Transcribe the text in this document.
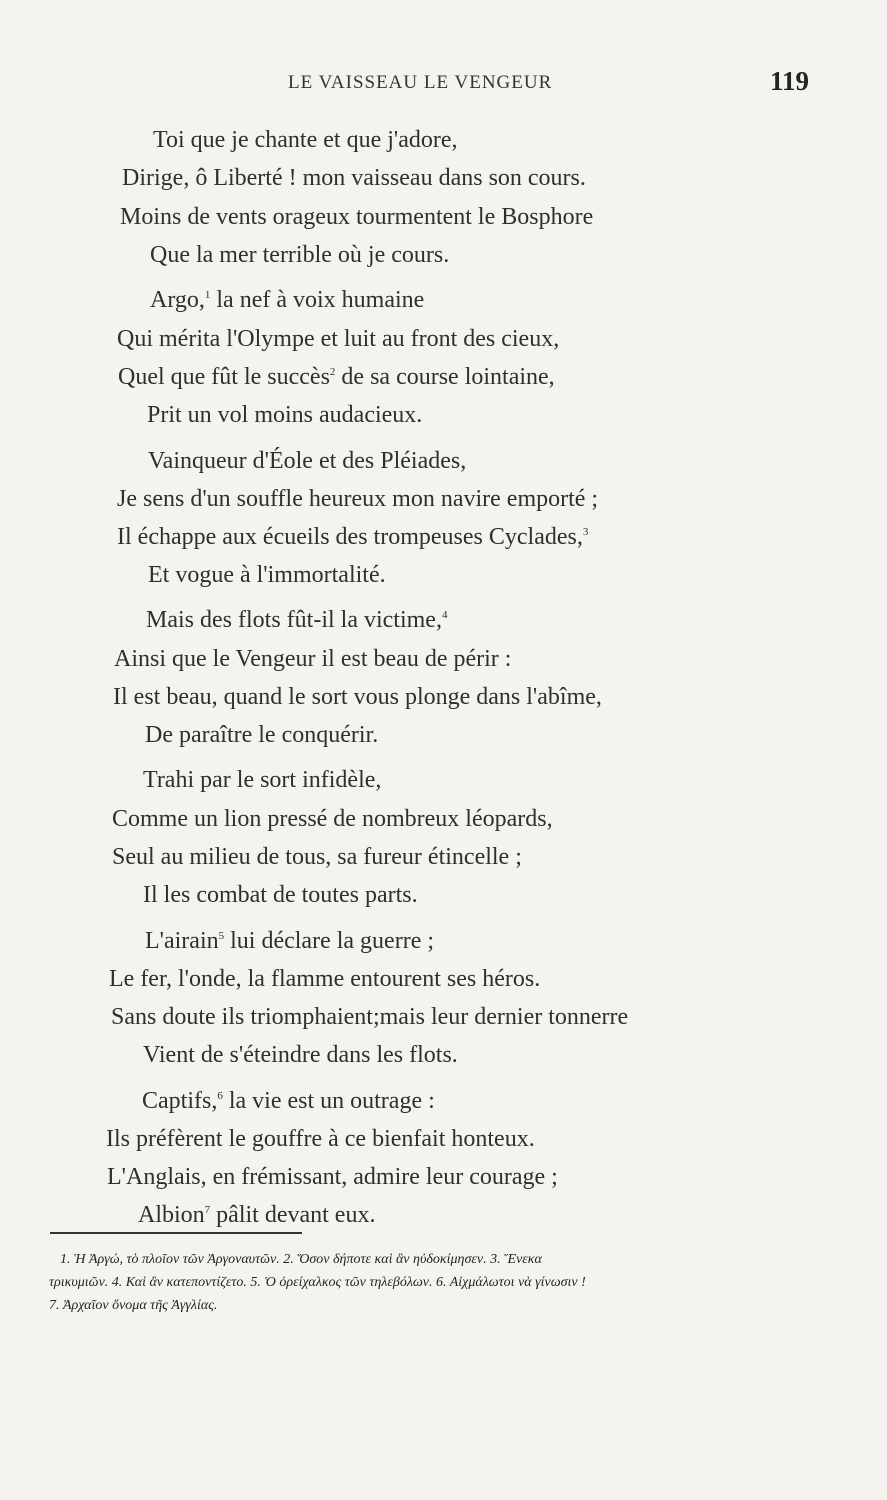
LE VAISSEAU LE VENGEUR	119
Toi que je chante et que j'adore,
Dirige, ô Liberté ! mon vaisseau dans son cours.
Moins de vents orageux tourmentent le Bosphore
Que la mer terrible où je cours.
Argo,$^1$ la nef à voix humaine
Qui mérita l'Olympe et luit au front des cieux,
Quel que fût le succès$^2$ de sa course lointaine,
Prit un vol moins audacieux.
Vainqueur d'Éole et des Pléiades,
Je sens d'un souffle heureux mon navire emporté ;
Il échappe aux écueils des trompeuses Cyclades,$^3$
Et vogue à l'immortalité.
Mais des flots fût-il la victime,$^4$
Ainsi que le Vengeur il est beau de périr :
Il est beau, quand le sort vous plonge dans l'abîme,
De paraître le conquérir.
Trahi par le sort infidèle,
Comme un lion pressé de nombreux léopards,
Seul au milieu de tous, sa fureur étincelle ;
Il les combat de toutes parts.
L'airain$^5$ lui déclare la guerre ;
Le fer, l'onde, la flamme entourent ses héros.
Sans doute ils triomphaient;mais leur dernier tonnerre
Vient de s'éteindre dans les flots.
Captifs,$^6$ la vie est un outrage :
Ils préfèrent le gouffre à ce bienfait honteux.
L'Anglais, en frémissant, admire leur courage ;
Albion$^7$ pâlit devant eux.
1. Ἡ Ἀργώ, τὸ πλοῖον τῶν Ἀργοναυτῶν. 2. Ὅσον δήποτε καὶ ἂν ηὐδοκίμησεν. 3. Ἕνεκα
τρικυμιῶν. 4. Καὶ ἂν κατεποντίζετο. 5. Ὁ ὀρείχαλκος τῶν τηλεβόλων. 6. Αἰχμάλωτοι νὰ γίνωσιν !
7. Ἀρχαῖον ὄνομα τῆς Ἀγγλίας.
